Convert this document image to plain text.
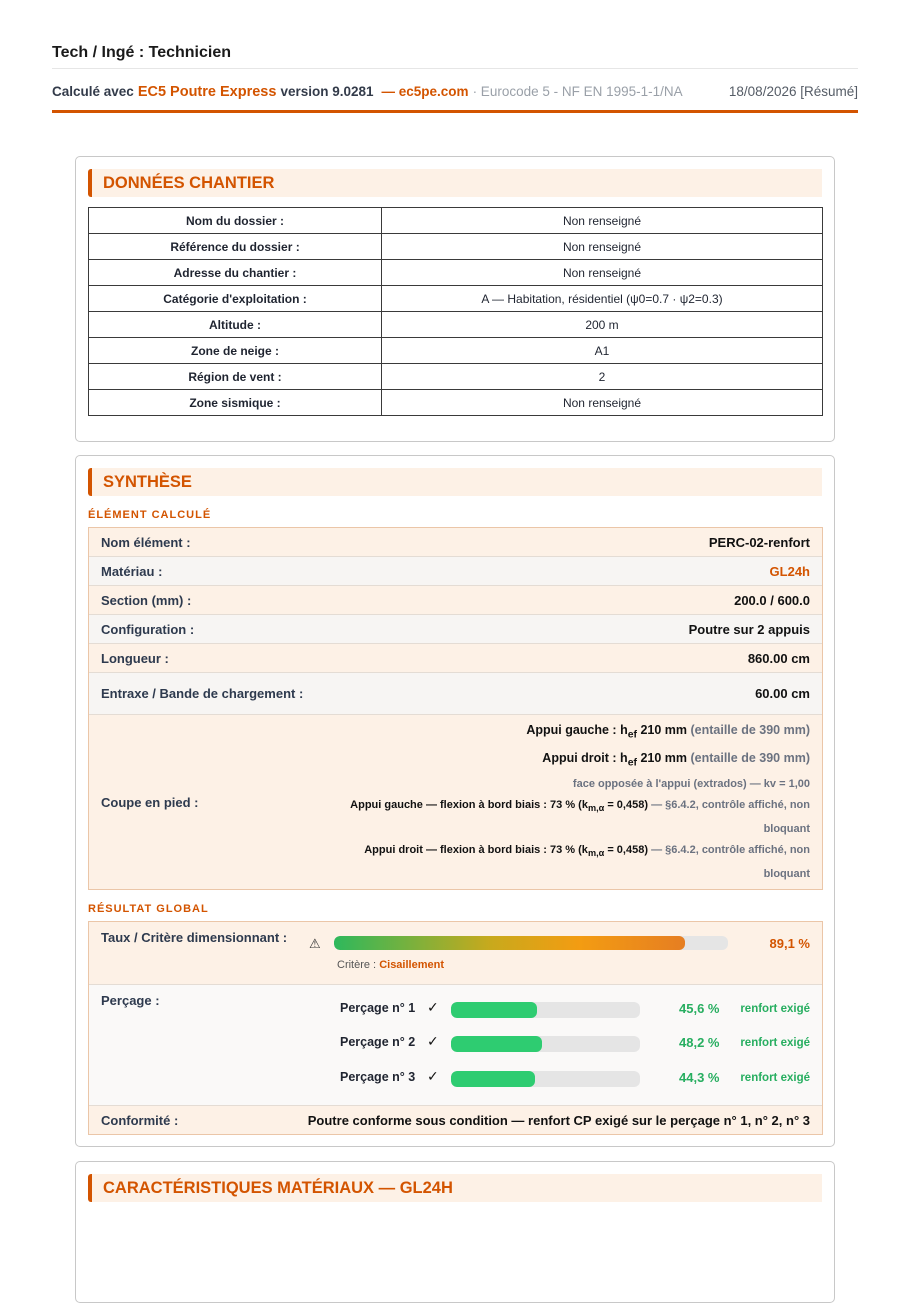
Tech / Ingé : Technicien
Calculé avec EC5 Poutre Express version 9.0281 — ec5pe.com · Eurocode 5 - NF EN 1995-1-1/NA	18/08/2026 [Résumé]
DONNÉES CHANTIER
Nom du dossier :	Non renseigné
Référence du dossier :	Non renseigné
Adresse du chantier :	Non renseigné
Catégorie d'exploitation :	A — Habitation, résidentiel (ψ0=0.7 · ψ2=0.3)
Altitude :	200 m
Zone de neige :	A1
Région de vent :	2
Zone sismique :	Non renseigné
SYNTHÈSE
ÉLÉMENT CALCULÉ
Nom élément :	PERC-02-renfort
Matériau :	GL24h
Section (mm) :	200.0 / 600.0
Configuration :	Poutre sur 2 appuis
Longueur :	860.00 cm
Entraxe / Bande de chargement :	60.00 cm
Coupe en pied :
Appui gauche : $h_{ef}$ 210 mm (entaille de 390 mm)
Appui droit : $h_{ef}$ 210 mm (entaille de 390 mm)
face opposée à l'appui (extrados) — kv = 1,00
Appui gauche — flexion à bord biais : 73 % $(k_{m,\alpha} = 0,458)$ — §6.4.2, contrôle affiché, non bloquant
Appui droit — flexion à bord biais : 73 % $(k_{m,\alpha} = 0,458)$ — §6.4.2, contrôle affiché, non bloquant
RÉSULTAT GLOBAL
Taux / Critère dimensionnant : ⚠	89,1 %
Critère : Cisaillement
Perçage :	Perçage n° 1 ✓	45,6 % renfort exigé
Perçage n° 2 ✓	48,2 % renfort exigé
Perçage n° 3 ✓	44,3 % renfort exigé
Conformité :	Poutre conforme sous condition — renfort CP exigé sur le perçage n° 1, n° 2, n° 3
CARACTÉRISTIQUES MATÉRIAUX — GL24H
